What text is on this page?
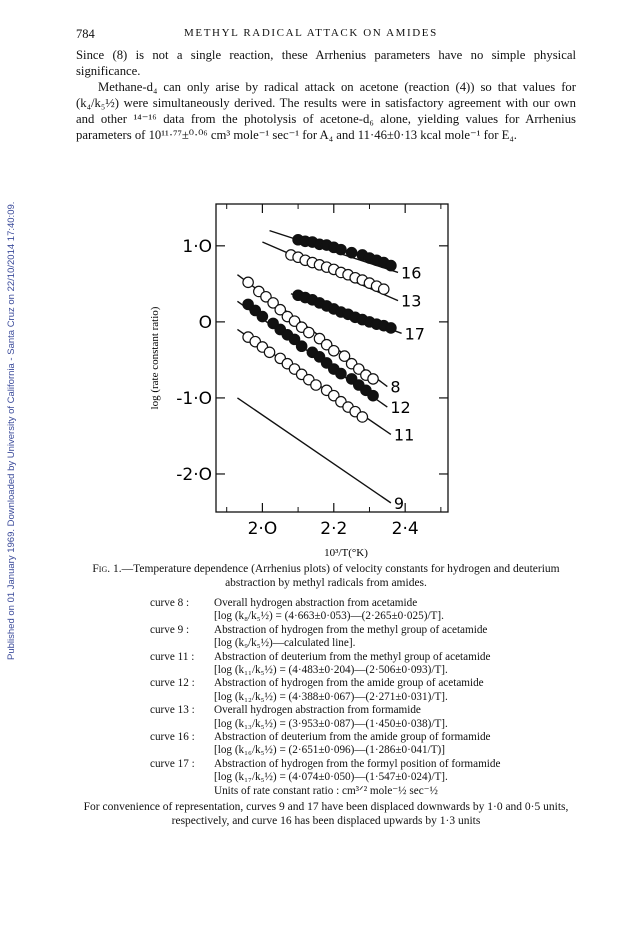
Published on 01 January 1969. Downloaded by University of California - Santa Cruz on 22/10/2014 17:40:09.
784	METHYL RADICAL ATTACK ON AMIDES

Since (8) is not a single reaction, these Arrhenius parameters have no simple physical significance.

Methane-d₄ can only arise by radical attack on acetone (reaction (4)) so that values for (k₄/k₅½) were simultaneously derived. The results were in satisfactory agreement with our own and other ¹⁴⁻¹⁶ data from the photolysis of acetone-d₆ alone, yielding values for Arrhenius parameters of 10¹¹·⁷⁷±⁰·⁰⁶ cm³ mole⁻¹ sec⁻¹ for A₄ and 11·46±0·13 kcal mole⁻¹ for E₄.

2·O	2·2	2·4
1·O
O
-1·O
-2·O
log (rate constant ratio)
10³/T(°K)
16
13
17
8
12
11
9
Fig. 1.—Temperature dependence (Arrhenius plots) of velocity constants for hydrogen and deuterium abstraction by methyl radicals from amides.
curve 8 : Overall hydrogen abstraction from acetamide
[log (k₈/k₅½) = (4·663±0·053)—(2·265±0·025)/T].
curve 9 : Abstraction of hydrogen from the methyl group of acetamide
[log (k₉/k₅½)—calculated line].
curve 11 : Abstraction of deuterium from the methyl group of acetamide
[log (k₁₁/k₅½) = (4·483±0·204)—(2·506±0·093)/T].
curve 12 : Abstraction of hydrogen from the amide group of acetamide
[log (k₁₂/k₅½) = (4·388±0·067)—(2·271±0·031)/T].
curve 13 : Overall hydrogen abstraction from formamide
[log (k₁₃/k₅½) = (3·953±0·087)—(1·450±0·038)/T].
curve 16 : Abstraction of deuterium from the amide group of formamide
[log (k₁₆/k₅½) = (2·651±0·096)—(1·286±0·041/T)]
curve 17 : Abstraction of hydrogen from the formyl position of formamide
[log (k₁₇/k₅½) = (4·074±0·050)—(1·547±0·024)/T].
Units of rate constant ratio : cm³ᐟ² mole⁻½ sec⁻½
For convenience of representation, curves 9 and 17 have been displaced downwards by 1·0 and 0·5 units, respectively, and curve 16 has been displaced upwards by 1·3 units
